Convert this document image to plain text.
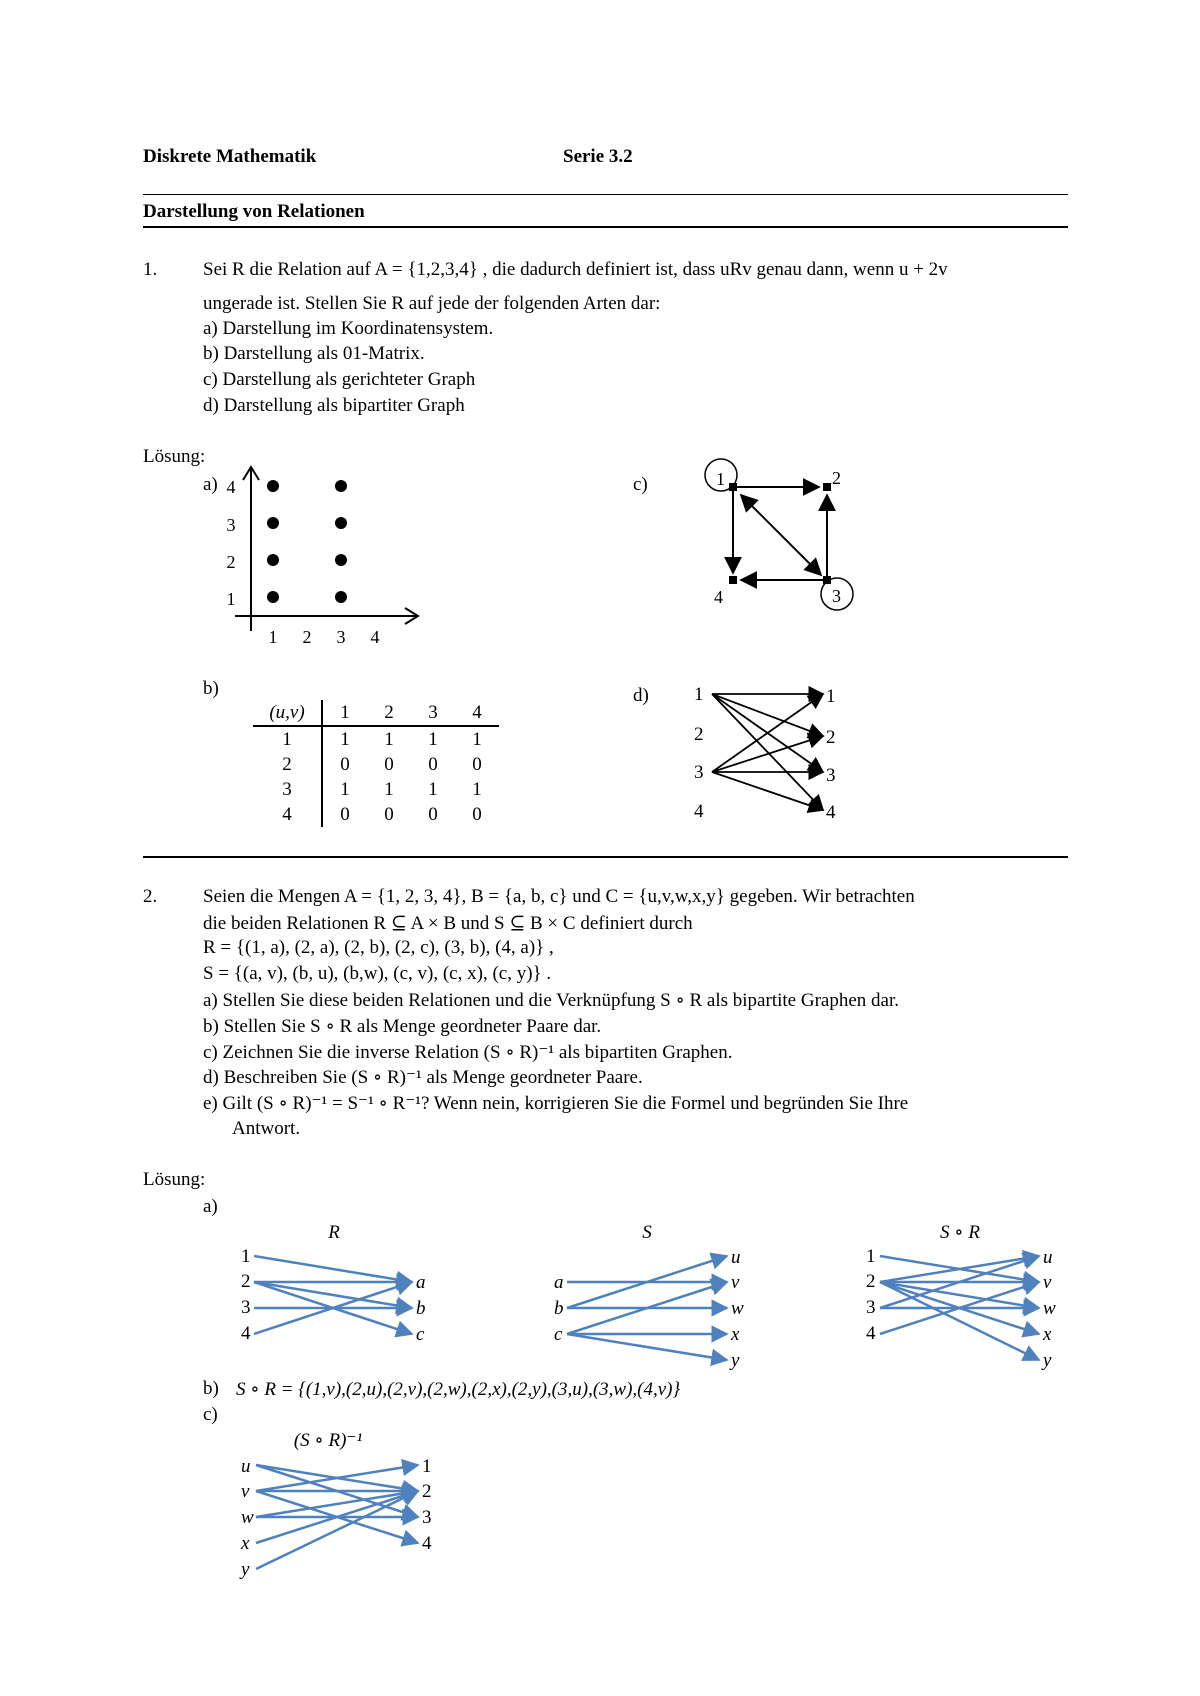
Diskrete Mathematik	Serie 3.2
Darstellung von Relationen
1. Sei R die Relation auf A = {1,2,3,4} , die dadurch definiert ist, dass uRv genau dann, wenn u + 2v
ungerade ist. Stellen Sie R auf jede der folgenden Arten dar:
a) Darstellung im Koordinatensystem.
b) Darstellung als 01-Matrix.
c) Darstellung als gerichteter Graph
d) Darstellung als bipartiter Graph
Lösung:
a)
b)
c)
d)
1 2 3 4
1
2
3
4
(u,v)	1	2	3	4
1	1	1	1	1
2	0	0	0	0
3	1	1	1	1
4	0	0	0	0
1	2
3
4
1
2
3
4
1
2
3
4
2. Seien die Mengen A = {1, 2, 3, 4}, B = {a, b, c} und C = {u,v,w,x,y} gegeben. Wir betrachten
die beiden Relationen R ⊆ A × B und S ⊆ B × C definiert durch
R = {(1, a), (2, a), (2, b), (2, c), (3, b), (4, a)} ,
S = {(a, v), (b, u), (b,w), (c, v), (c, x), (c, y)} .
a) Stellen Sie diese beiden Relationen und die Verknüpfung S ∘ R als bipartite Graphen dar.
b) Stellen Sie S ∘ R als Menge geordneter Paare dar.
c) Zeichnen Sie die inverse Relation (S ∘ R)⁻¹ als bipartiten Graphen.
d) Beschreiben Sie (S ∘ R)⁻¹ als Menge geordneter Paare.
e) Gilt (S ∘ R)⁻¹ = S⁻¹ ∘ R⁻¹? Wenn nein, korrigieren Sie die Formel und begründen Sie Ihre
Antwort.
Lösung:
a)
R
1
2
3
4
a
b
c
S
a
b
c
u
v
w
x
y
S ∘ R
1
2
3
4
u
v
w
x
y
b) S ∘ R = {(1,v),(2,u),(2,v),(2,w),(2,x),(2,y),(3,u),(3,w),(4,v)}
c)
(S ∘ R)⁻¹
u
v
w
x
y
1
2
3
4
